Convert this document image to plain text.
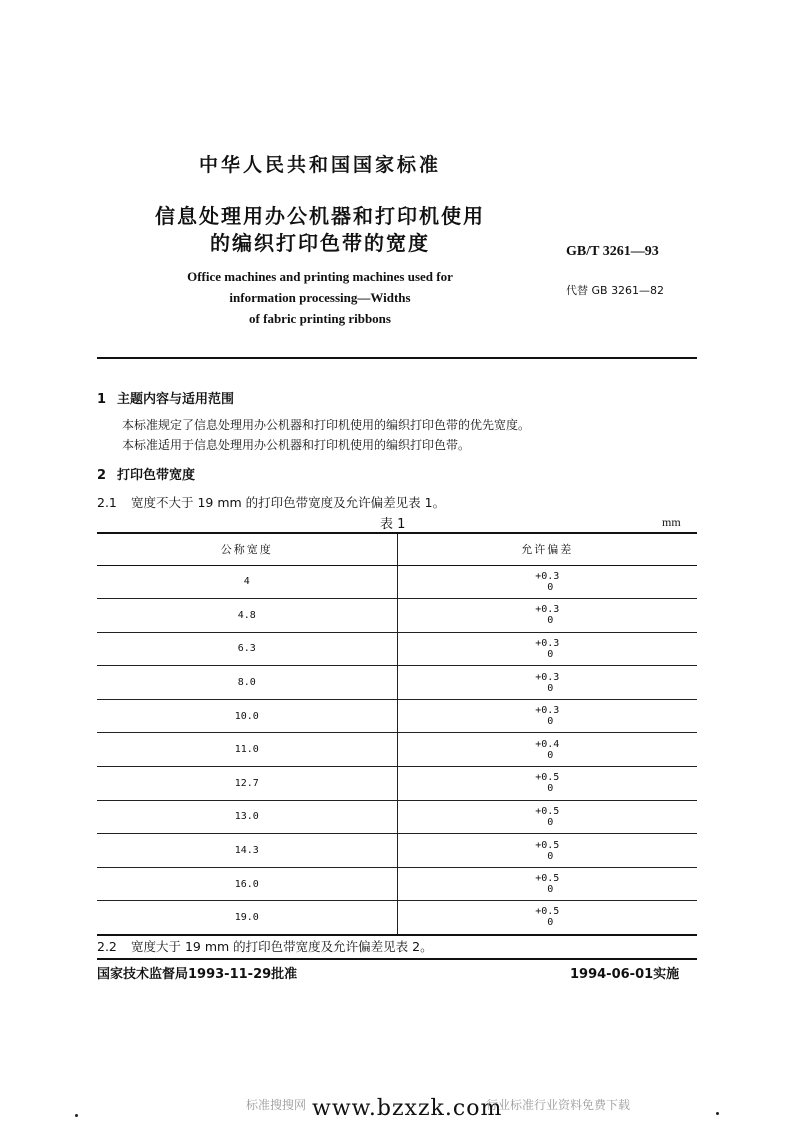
中华人民共和国国家标准
信息处理用办公机器和打印机使用
的编织打印色带的宽度	GB/T 3261—93
Office machines and printing machines used for
information processing—Widths
of fabric printing ribbons
代替 GB 3261—82
1 主题内容与适用范围
本标准规定了信息处理用办公机器和打印机使用的编织打印色带的优先宽度。
本标准适用于信息处理用办公机器和打印机使用的编织打印色带。
2 打印色带宽度
2.1 宽度不大于 19 mm 的打印色带宽度及允许偏差见表 1。
表 1	mm
公称宽度	允许偏差
4	+0.3
0

4.8	+0.3
0

6.3	+0.3
0

8.0	+0.3
0

10.0	+0.3
0

11.0	+0.4
0

12.7	+0.5
0

13.0	+0.5
0

14.3	+0.5
0

16.0	+0.5
0

19.0	+0.5
0
2.2 宽度大于 19 mm 的打印色带宽度及允许偏差见表 2。
国家技术监督局1993-11-29批准	1994-06-01实施
标准搜搜网 www.bzxzk.com
行业标准行业资料免费下载
